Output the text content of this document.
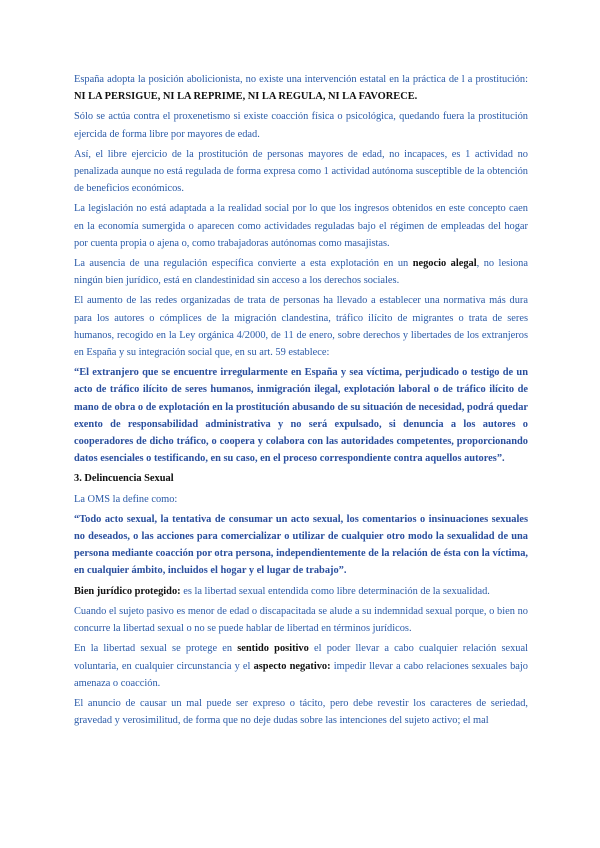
España adopta la posición abolicionista, no existe una intervención estatal en la práctica de l a prostitución: NI LA PERSIGUE, NI LA REPRIME, NI LA REGULA, NI LA FAVORECE.

Sólo se actúa contra el proxenetismo si existe coacción física o psicológica, quedando fuera la prostitución ejercida de forma libre por mayores de edad.

Así, el libre ejercicio de la prostitución de personas mayores de edad, no incapaces, es 1 actividad no penalizada aunque no está regulada de forma expresa como 1 actividad autónoma susceptible de la obtención de beneficios económicos.

La legislación no está adaptada a la realidad social por lo que los ingresos obtenidos en este concepto caen en la economía sumergida o aparecen como actividades reguladas bajo el régimen de empleadas del hogar por cuenta propia o ajena o, como trabajadoras autónomas como masajistas.

La ausencia de una regulación específica convierte a esta explotación en un negocio alegal, no lesiona ningún bien jurídico, está en clandestinidad sin acceso a los derechos sociales.

El aumento de las redes organizadas de trata de personas ha llevado a establecer una normativa más dura para los autores o cómplices de la migración clandestina, tráfico ilícito de migrantes o trata de seres humanos, recogido en la Ley orgánica 4/2000, de 11 de enero, sobre derechos y libertades de los extranjeros en España y su integración social que, en su art. 59 establece:

“El extranjero que se encuentre irregularmente en España y sea víctima, perjudicado o testigo de un acto de tráfico ilícito de seres humanos, inmigración ilegal, explotación laboral o de tráfico ilícito de mano de obra o de explotación en la prostitución abusando de su situación de necesidad, podrá quedar exento de responsabilidad administrativa y no será expulsado, si denuncia a los autores o cooperadores de dicho tráfico, o coopera y colabora con las autoridades competentes, proporcionando datos esenciales o testificando, en su caso, en el proceso correspondiente contra aquellos autores”.

3. Delincuencia Sexual

La OMS la define como:

“Todo acto sexual, la tentativa de consumar un acto sexual, los comentarios o insinuaciones sexuales no deseados, o las acciones para comercializar o utilizar de cualquier otro modo la sexualidad de una persona mediante coacción por otra persona, independientemente de la relación de ésta con la víctima, en cualquier ámbito, incluidos el hogar y el lugar de trabajo”.

Bien jurídico protegido: es la libertad sexual entendida como libre determinación de la sexualidad.

Cuando el sujeto pasivo es menor de edad o discapacitada se alude a su indemnidad sexual porque, o bien no concurre la libertad sexual o no se puede hablar de libertad en términos jurídicos.

En la libertad sexual se protege en sentido positivo el poder llevar a cabo cualquier relación sexual voluntaria, en cualquier circunstancia y el aspecto negativo: impedir llevar a cabo relaciones sexuales bajo amenaza o coacción.

El anuncio de causar un mal puede ser expreso o tácito, pero debe revestir los caracteres de seriedad, gravedad y verosimilitud, de forma que no deje dudas sobre las intenciones del sujeto activo; el mal
